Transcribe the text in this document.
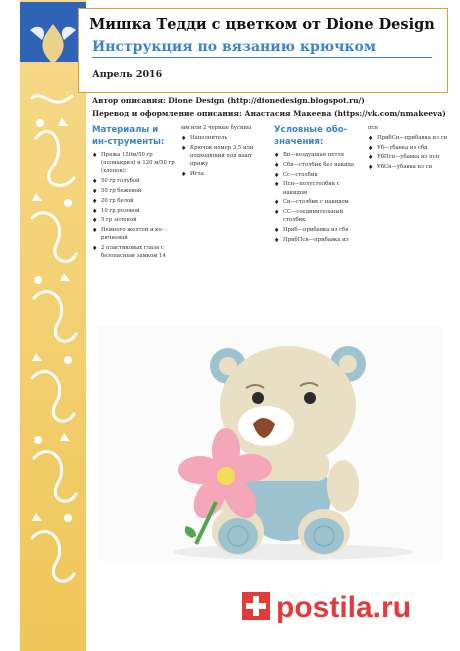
Мишка Тедди с цветком от Dione Design
Инструкция по вязанию крючком
Апрель 2016
Автор описания: Dione Design (http://dionedesign.blogspot.ru/)
Перевод и оформление описания: Анастасия Макеева (https://vk.com/nmakeeva)
Материалы и ин-струменты:
♦ Пряжа 150м/50 гр (полиакрил) и 120 м/50 гр (хлопок):
♦ 50 гр голубой
♦ 50 гр бежевой
♦ 20 гр белой
♦ 10 гр розовой
♦ 5 гр зеленой
♦ Немного желтой и ко-ричневой
♦ 2 пластиковых глаза с безопасным замком 14

мм или 2 черные бусины

♦ Наполнитель
♦ Крючок номер 3,5 или подходящий под вашу пряжу
♦ Игла
Условные обо-значения:
♦ Вп—воздушная петля
♦ Сбн—столбик без накида
♦ Сс—столбик
♦ Псн—полустолбик с накидом
♦ Сн—столбик с накидом
♦ СС—соединительный столбик
♦ Приб—прибавка из сбн
♦ ПрибПсн—прибавка из

псн

♦ ПрибСн—прибавка из сн
♦ Уб—убавка из сбн
♦ УбПсн—убавка из псн
♦ УбСн—убавка из сн
postila.ru
